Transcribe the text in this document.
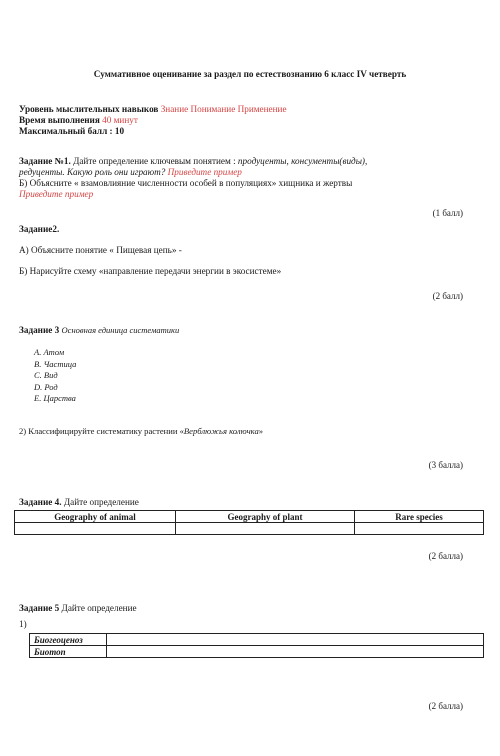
Суммативное оценивание за раздел по естествознанию 6 класс IV четверть
Уровень мыслительных навыков Знание Понимание Применение
Время выполнения 40 минут
Максимальный балл : 10
Задание №1. Дайте определение ключевым понятием : продуценты, консументы(виды),
редуценты. Какую роль они играют? Приведите пример
Б) Объясните « взамовлияние численности особей в популяциях» хищника и жертвы
Приведите пример
(1 балл)
Задание2.
А) Объясните понятие « Пищевая цепь» -
Б) Нарисуйте схему «направление передачи энергии в экосистеме»
(2 балл)
Задание 3 Основная единица систематики
A. Атом
B. Частица
C. Вид
D. Род
E. Царства
2) Классифицируйте систематику растении «Верблюжья колючка»
(3 балла)
Задание 4. Дайте определение
Geography of animal	Geography of plant	Rare species

(2 балла)
Задание 5 Дайте определение
1)
Биогеоценоз	
Биотоп	
(2 балла)
